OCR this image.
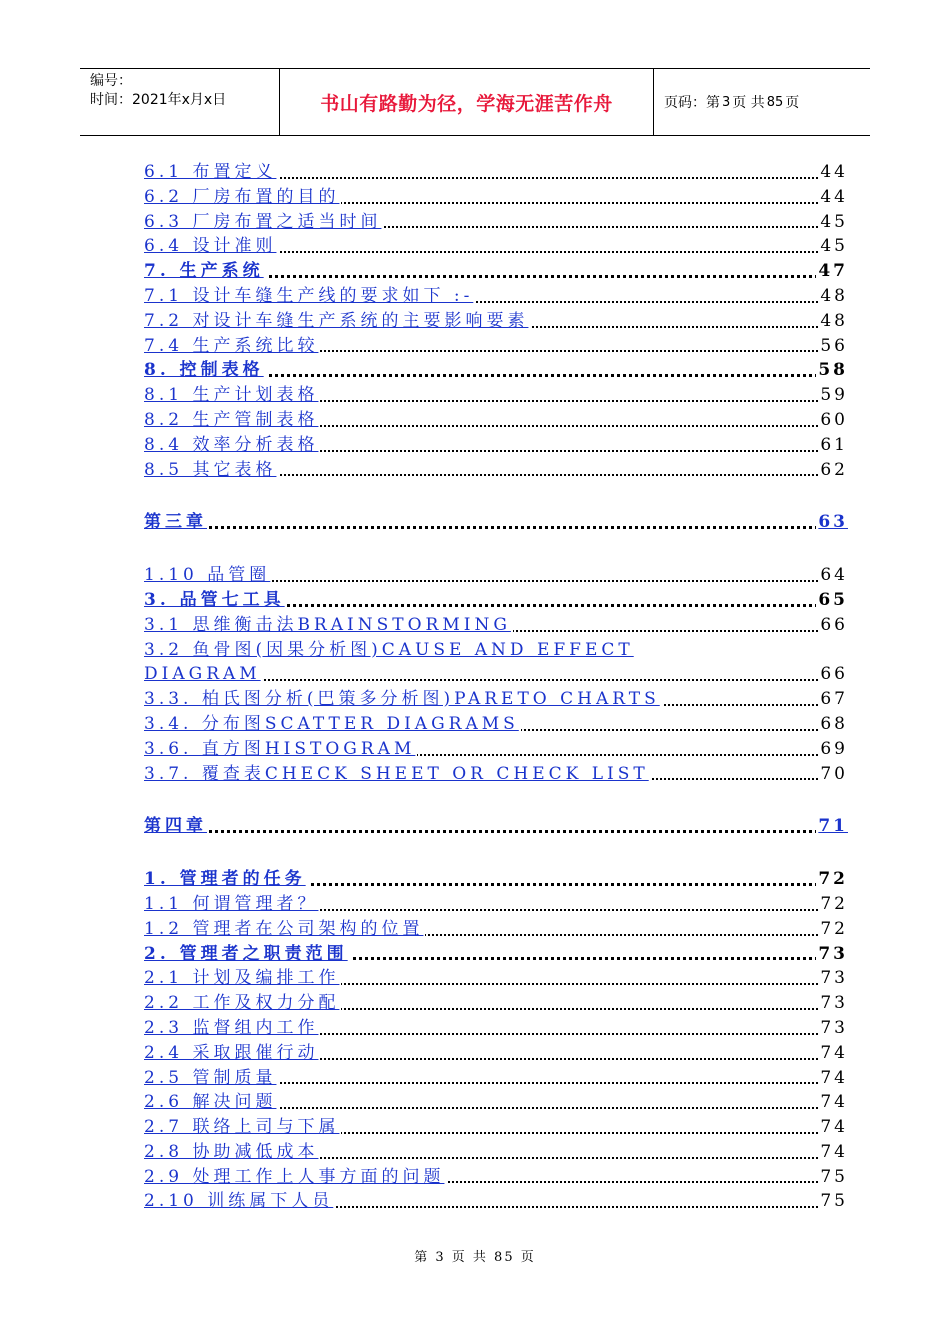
编号：
时间：2021年x月x日	书山有路勤为径，学海无涯苦作舟	页码：第 3 页 共 85 页
6.1 布置定义	44
6.2 厂房布置的目的	44
6.3 厂房布置之适当时间	45
6.4 设计准则	45
7. 生产系统	47
7.1 设计车缝生产线的要求如下 :-	48
7.2 对设计车缝生产系统的主要影响要素	48
7.4 生产系统比较	56
8. 控制表格	58
8.1 生产计划表格	59
8.2 生产管制表格	60
8.4 效率分析表格	61
8.5 其它表格	62
第三章	63
1.10 品管圈	64
3. 品管七工具	65
3.1 思维衡击法BRAINSTORMING	66
3.2 鱼骨图(因果分析图)CAUSE AND EFFECT
DIAGRAM	66
3.3. 柏氏图分析(巴策多分析图)PARETO CHARTS	67
3.4. 分布图SCATTER DIAGRAMS	68
3.6. 直方图HISTOGRAM	69
3.7. 覆查表CHECK SHEET OR CHECK LIST	70
第四章	71
1. 管理者的任务	72
1.1 何谓管理者？	72
1.2 管理者在公司架构的位置	72
2. 管理者之职责范围	73
2.1 计划及编排工作	73
2.2 工作及权力分配	73
2.3 监督组内工作	73
2.4 采取跟催行动	74
2.5 管制质量	74
2.6 解决问题	74
2.7 联络上司与下属	74
2.8 协助减低成本	74
2.9 处理工作上人事方面的问题	75
2.10 训练属下人员	75
第 3 页 共 85 页
